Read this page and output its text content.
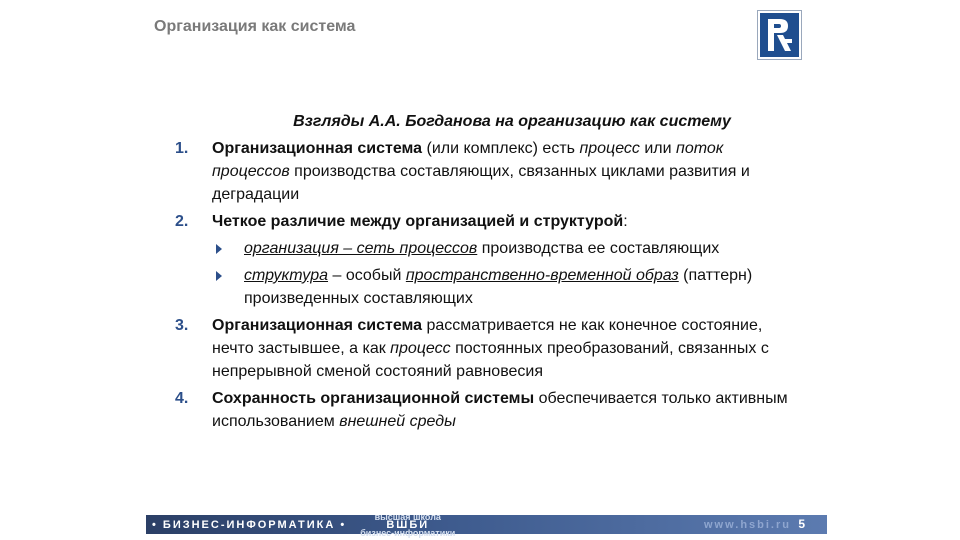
Организация как система
Взгляды А.А. Богданова на организацию как систему
1. Организационная система (или комплекс) есть процесс или поток процессов производства составляющих, связанных циклами развития и деградации
2. Четкое различие между организацией и структурой:
организация – сеть процессов производства ее составляющих
структура – особый пространственно-временной образ (паттерн) произведенных составляющих
3. Организационная система рассматривается не как конечное состояние, нечто застывшее, а как процесс постоянных преобразований, связанных с непрерывной сменой состояний равновесия
4. Сохранность организационной системы обеспечивается только активным использованием внешней среды
• БИЗНЕС-ИНФОРМАТИКА •
высшая школа
ВШБИ
бизнес-информатики
www.hsbi.ru 5
